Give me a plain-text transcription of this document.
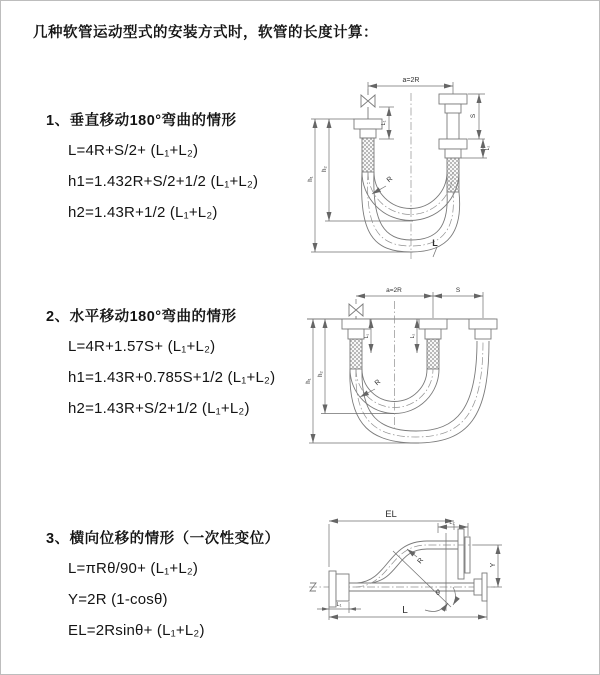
几种软管运动型式的安装方式时，软管的长度计算：
1、垂直移动180°弯曲的情形
L=4R+S/2+ (L₁+L₂)
h1=1.432R+S/2+1/2 (L₁+L₂)
h2=1.43R+1/2 (L₁+L₂)
2、水平移动180°弯曲的情形
L=4R+1.57S+ (L₁+L₂)
h1=1.43R+0.785S+1/2 (L₁+L₂)
h2=1.43R+S/2+1/2 (L₁+L₂)
3、横向位移的情形（一次性变位）
L=πRθ/90+ (L₁+L₂)
Y=2R (1-cosθ)
EL=2Rsinθ+ (L₁+L₂)
a=2R
L₁
S
L₂
h₁
h₂
R
L
a=2R	S
L₁	L₂
h₁
h₂
R
EL
L₂
Y
L
L₁
θ
R
